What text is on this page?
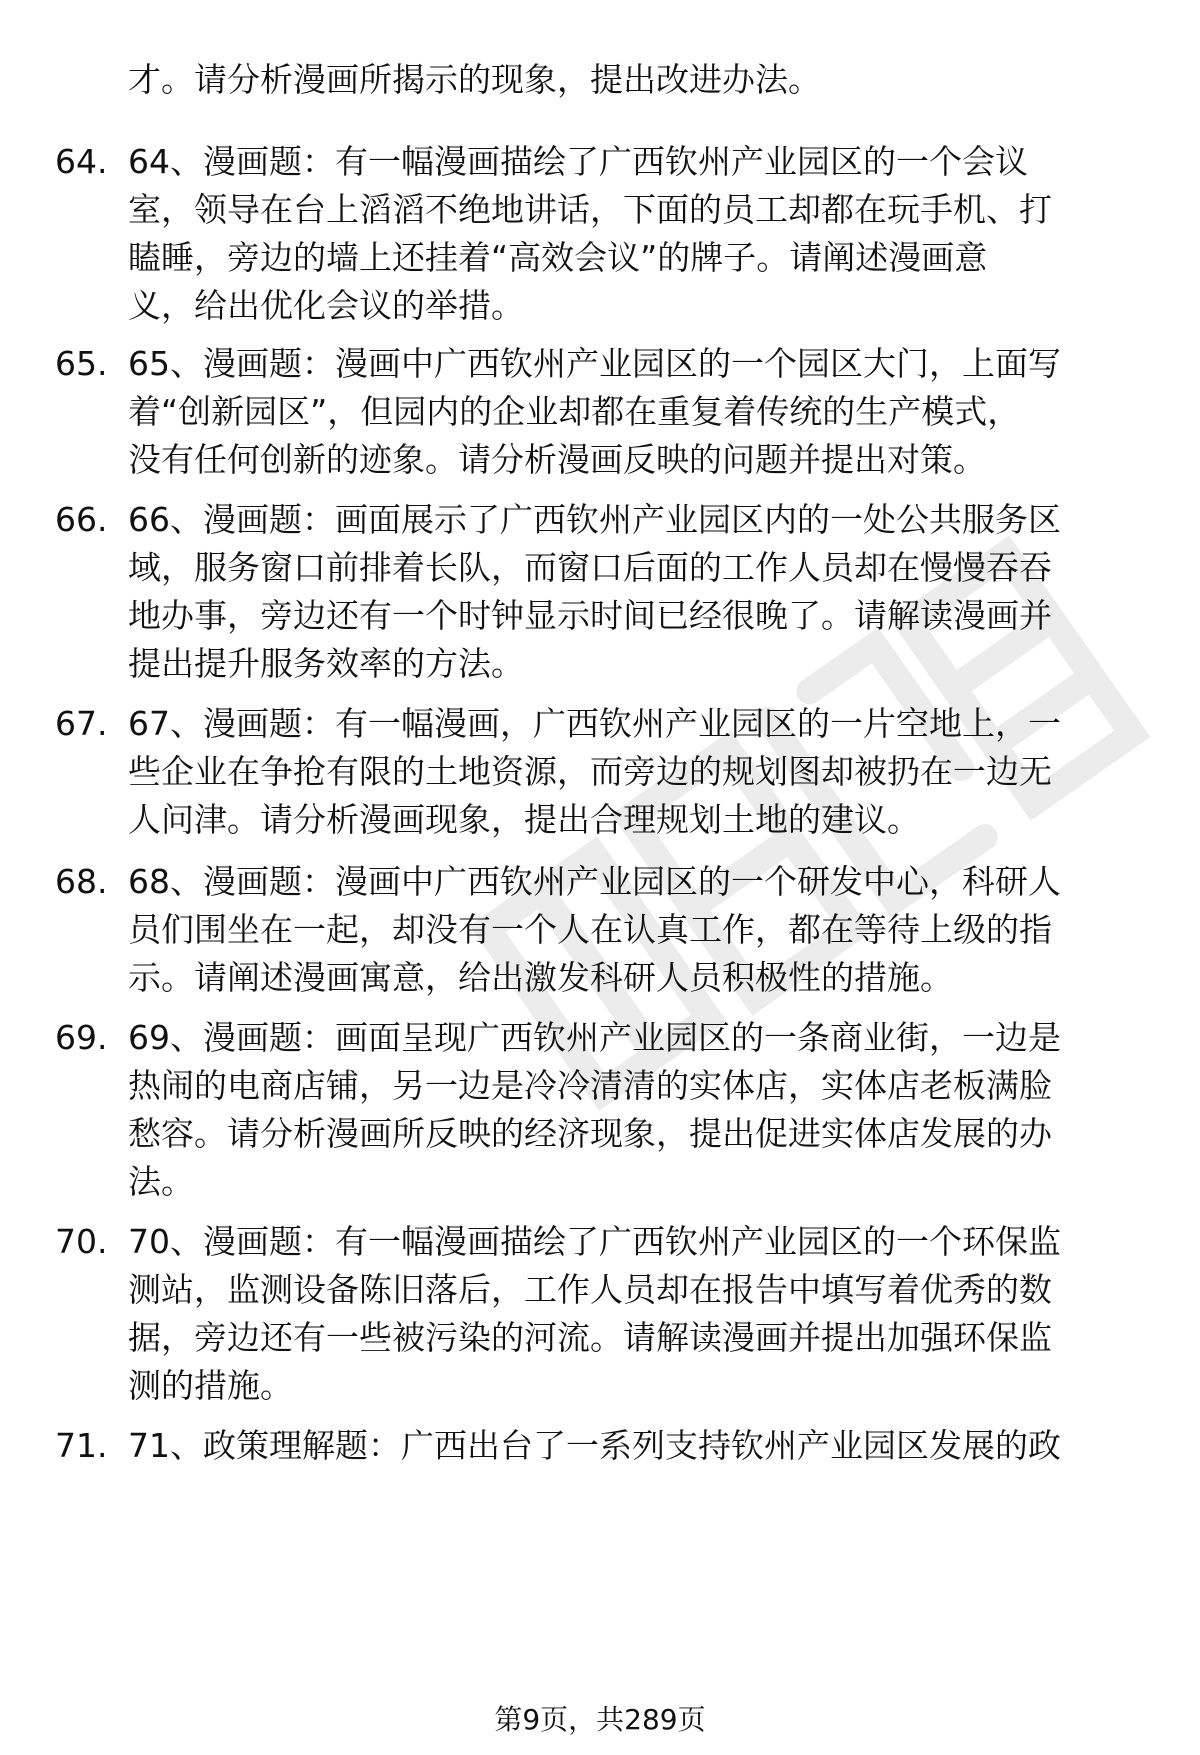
才。请分析漫画所揭示的现象，提出改进办法。
64. 64、漫画题：有一幅漫画描绘了广西钦州产业园区的一个会议
室，领导在台上滔滔不绝地讲话，下面的员工却都在玩手机、打
瞌睡，旁边的墙上还挂着“高效会议”的牌子。请阐述漫画意
义，给出优化会议的举措。
65. 65、漫画题：漫画中广西钦州产业园区的一个园区大门，上面写
着“创新园区”，但园内的企业却都在重复着传统的生产模式，
没有任何创新的迹象。请分析漫画反映的问题并提出对策。
66. 66、漫画题：画面展示了广西钦州产业园区内的一处公共服务区
域，服务窗口前排着长队，而窗口后面的工作人员却在慢慢吞吞
地办事，旁边还有一个时钟显示时间已经很晚了。请解读漫画并
提出提升服务效率的方法。
67. 67、漫画题：有一幅漫画，广西钦州产业园区的一片空地上，一
些企业在争抢有限的土地资源，而旁边的规划图却被扔在一边无
人问津。请分析漫画现象，提出合理规划土地的建议。
68. 68、漫画题：漫画中广西钦州产业园区的一个研发中心，科研人
员们围坐在一起，却没有一个人在认真工作，都在等待上级的指
示。请阐述漫画寓意，给出激发科研人员积极性的措施。
69. 69、漫画题：画面呈现广西钦州产业园区的一条商业街，一边是
热闹的电商店铺，另一边是冷冷清清的实体店，实体店老板满脸
愁容。请分析漫画所反映的经济现象，提出促进实体店发展的办
法。
70. 70、漫画题：有一幅漫画描绘了广西钦州产业园区的一个环保监
测站，监测设备陈旧落后，工作人员却在报告中填写着优秀的数
据，旁边还有一些被污染的河流。请解读漫画并提出加强环保监
测的措施。
71. 71、政策理解题：广西出台了一系列支持钦州产业园区发展的政
第9页，共289页
